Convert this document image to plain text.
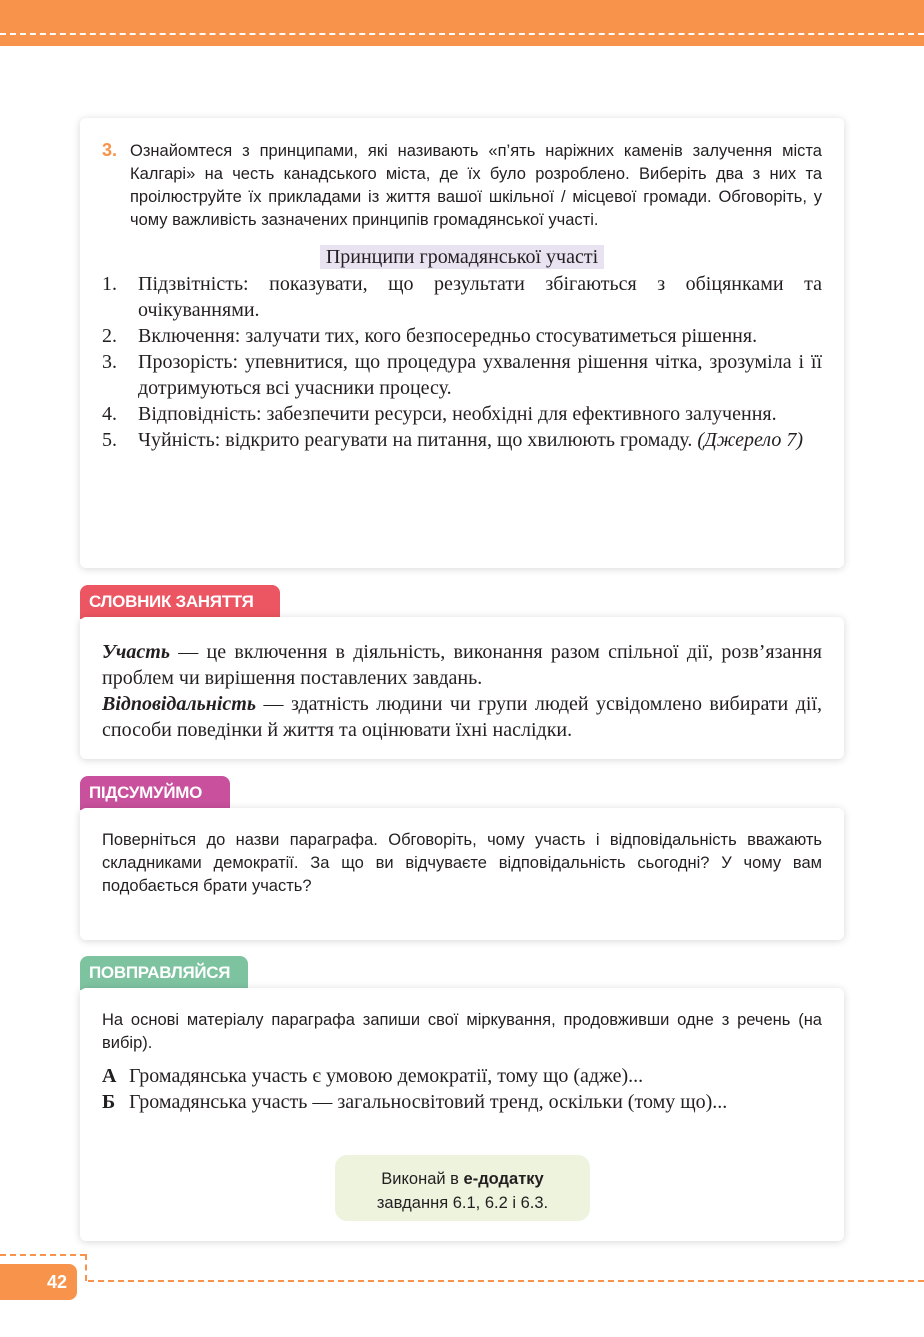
3. Ознайомтеся з принципами, які називають «п’ять наріжних каменів залучення міста Калгарі» на честь канадського міста, де їх було розроблено. Виберіть два з них та проілюструйте їх прикладами із життя вашої шкільної / місцевої громади. Обговоріть, у чому важливість зазначених принципів громадянської участі.
Принципи громадянської участі
1. Підзвітність: показувати, що результати збігаються з обіцянками та очікуваннями.
2. Включення: залучати тих, кого безпосередньо стосуватиметься рішення.
3. Прозорість: упевнитися, що процедура ухвалення рішення чітка, зрозуміла і її дотримуються всі учасники процесу.
4. Відповідність: забезпечити ресурси, необхідні для ефективного залучення.
5. Чуйність: відкрито реагувати на питання, що хвилюють громаду. (Джерело 7)
СЛОВНИК ЗАНЯТТЯ
Участь — це включення в діяльність, виконання разом спільної дії, розв’язання проблем чи вирішення поставлених завдань.
Відповідальність — здатність людини чи групи людей усвідомлено вибирати дії, способи поведінки й життя та оцінювати їхні наслідки.
ПІДСУМУЙМО
Поверніться до назви параграфа. Обговоріть, чому участь і відповідальність вважають складниками демократії. За що ви відчуваєте відповідальність сьогодні? У чому вам подобається брати участь?
ПОВПРАВЛЯЙСЯ
На основі матеріалу параграфа запиши свої міркування, продовживши одне з речень (на вибір).
А Громадянська участь є умовою демократії, тому що (адже)...
Б Громадянська участь — загальносвітовий тренд, оскільки (тому що)...
Виконай в е-додатку
завдання 6.1, 6.2 і 6.3.
42
